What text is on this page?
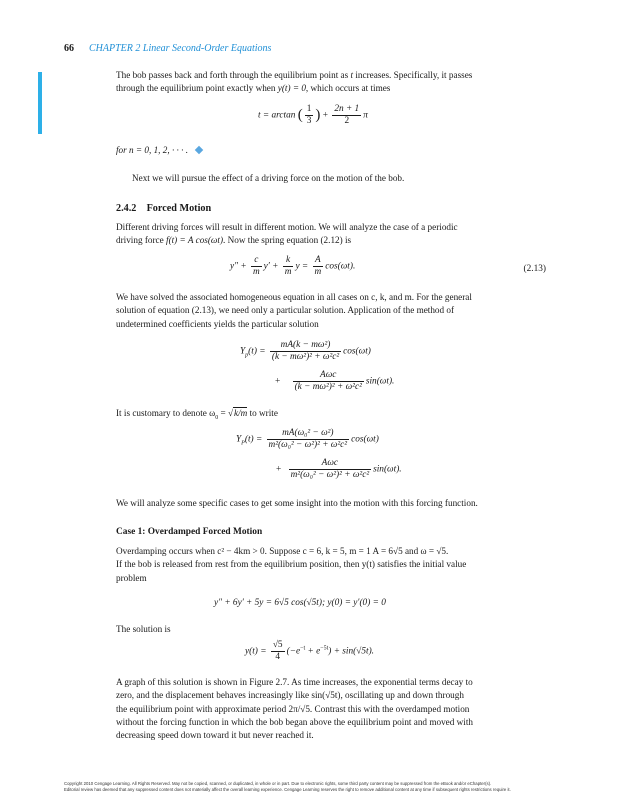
66 CHAPTER 2 Linear Second-Order Equations
The bob passes back and forth through the equilibrium point as t increases. Specifically, it passes
through the equilibrium point exactly when y(t) = 0, which occurs at times
t = arctan ( $\frac{1}{3}$ ) + $\frac{2n + 1}{2}$ π
for n = 0, 1, 2, · · · .
Next we will pursue the effect of a driving force on the motion of the bob.
2.4.2 Forced Motion
Different driving forces will result in different motion. We will analyze the case of a periodic
driving force f(t) = A cos(ωt). Now the spring equation (2.12) is
$y'' + \frac{c}{m} y' + \frac{k}{m}$ $y = \frac{A}{m} \cos(\omega t)$.	(2.13)
We have solved the associated homogeneous equation in all cases on c, k, and m. For the general
solution of equation (2.13), we need only a particular solution. Application of the method of
undetermined coefficients yields the particular solution
$Y_p(t) = \frac{\text{mA(k − mω²)}}{\text{(k − mω²)² + ω²c²}} \cos(\omega t)$
+ $\frac{\text{Aωc}}{\text{(k − mω²)² + ω²c²}} \sin(\omega t)$.
It is customary to denote $\omega_0 = √k/m$ to write
$Y_P(t) = \frac{\text{mA(ω₀² − ω²)}}{\text{m²(ω₀² − ω²)² + ω²c²}} \cos(\omega t)$
+ $\frac{\text{Aωc}}{\text{m²(ω₀² − ω²)² + ω²c²}} \sin(\omega t)$.
We will analyze some specific cases to get some insight into the motion with this forcing function.
Case 1: Overdamped Forced Motion
Overdamping occurs when c² − 4km > 0. Suppose c = 6, k = 5, m = 1 A = 6√5 and ω = √5.
If the bob is released from rest from the equilibrium position, then y(t) satisfies the initial value
problem
y″ + 6y′ + 5y = 6√5 cos(√5t); y(0) = y′(0) = 0
The solution is
$y(t) = \frac{√5}{4} (-e^{-t} + e^{-5t}) + \sin(√5t)$.
A graph of this solution is shown in Figure 2.7. As time increases, the exponential terms decay to
zero, and the displacement behaves increasingly like sin(√5t), oscillating up and down through
the equilibrium point with approximate period 2π/√5. Contrast this with the overdamped motion
without the forcing function in which the bob began above the equilibrium point and moved with
decreasing speed down toward it but never reached it.
Copyright 2010 Cengage Learning. All Rights Reserved. May not be copied, scanned, or duplicated, in whole or in part. Due to electronic rights, some third party content may be suppressed from the eBook and/or eChapter(s).
Editorial review has deemed that any suppressed content does not materially affect the overall learning experience. Cengage Learning reserves the right to remove additional content at any time if subsequent rights restrictions require it.
